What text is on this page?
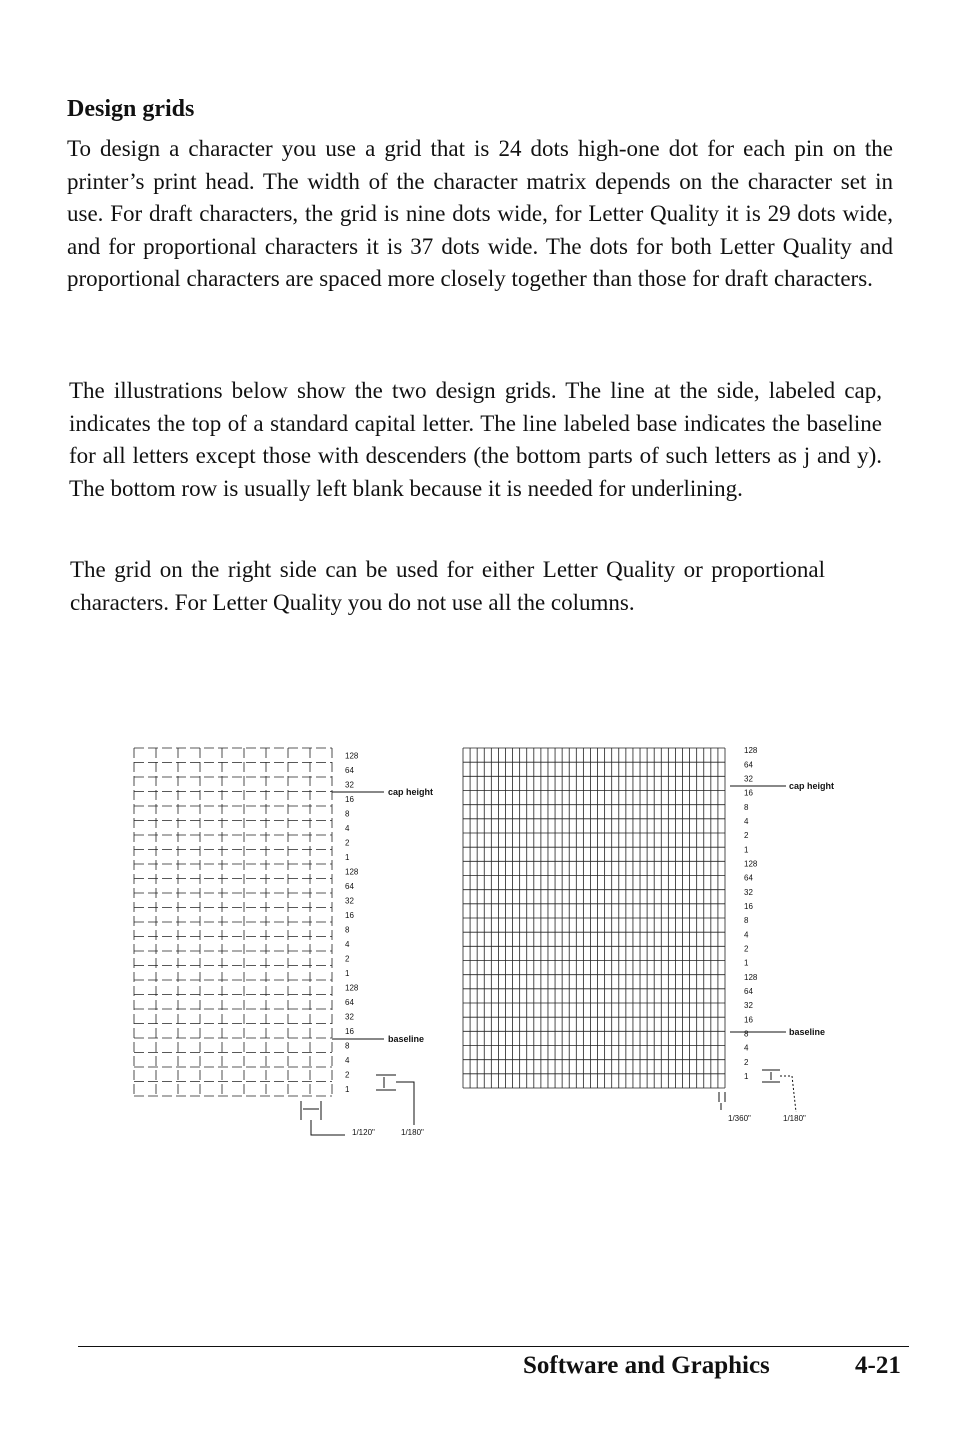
Design grids
To design a character you use a grid that is 24 dots high-one dot for each pin on the printer’s print head. The width of the character matrix depends on the character set in use. For draft characters, the grid is nine dots wide, for Letter Quality it is 29 dots wide, and for proportional characters it is 37 dots wide. The dots for both Letter Quality and proportional characters are spaced more closely together than those for draft characters.
The illustrations below show the two design grids. The line at the side, labeled cap, indicates the top of a standard capital letter. The line labeled base indicates the baseline for all letters except those with descenders (the bottom parts of such letters as j and y). The bottom row is usually left blank because it is needed for underlining.
The grid on the right side can be used for either Letter Quality or proportional characters. For Letter Quality you do not use all the columns.
128
64
32
16
8
4
2
1
128
64
32
16
8
4
2
1
128
64
32
16
8
4
2
1
cap height
baseline
1/120"	1/180"
128
64
32
16
8
4
2
1
128
64
32
16
8
4
2
1
128
64
32
16
8
4
2
1
cap height
baseline
1/360"	1/180"
Software and Graphics	4-21
